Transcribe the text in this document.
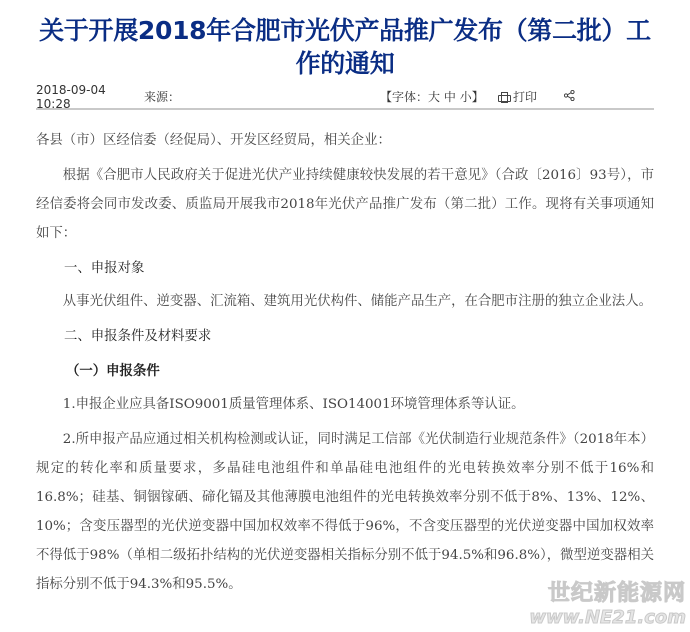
关于开展2018年合肥市光伏产品推广发布（第二批）工作的通知
2018-09-04 10:28	来源：	【字体：大 中 小】	打印

各县（市）区经信委（经促局）、开发区经贸局，相关企业：

根据《合肥市人民政府关于促进光伏产业持续健康较快发展的若干意见》（合政〔2016〕93号），市经信委将会同市发改委、质监局开展我市2018年光伏产品推广发布（第二批）工作。现将有关事项通知如下：

一、申报对象

从事光伏组件、逆变器、汇流箱、建筑用光伏构件、储能产品生产，在合肥市注册的独立企业法人。

二、申报条件及材料要求

（一）申报条件

1.申报企业应具备ISO9001质量管理体系、ISO14001环境管理体系等认证。

2.所申报产品应通过相关机构检测或认证，同时满足工信部《光伏制造行业规范条件》（2018年本）规定的转化率和质量要求，多晶硅电池组件和单晶硅电池组件的光电转换效率分别不低于16%和16.8%；硅基、铜铟镓硒、碲化镉及其他薄膜电池组件的光电转换效率分别不低于8%、13%、12%、10%；含变压器型的光伏逆变器中国加权效率不得低于96%，不含变压器型的光伏逆变器中国加权效率不得低于98%（单相二级拓扑结构的光伏逆变器相关指标分别不低于94.5%和96.8%），微型逆变器相关指标分别不低于94.3%和95.5%。	世纪新能源网
www.NE21.com
